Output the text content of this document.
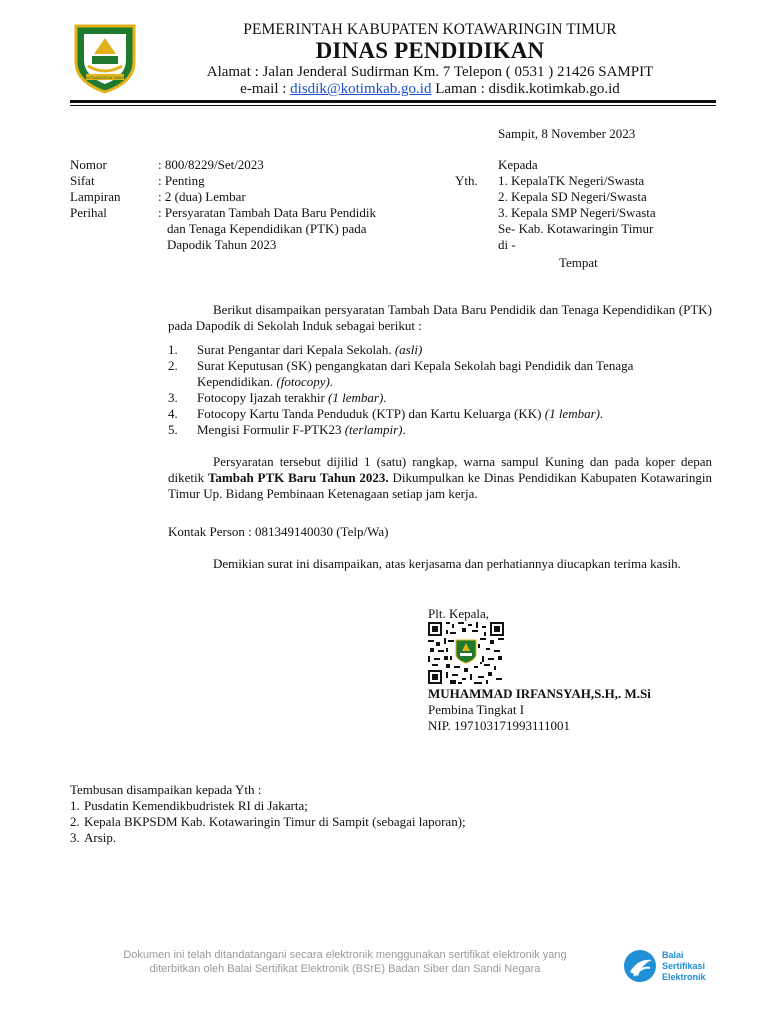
KOTAWARINGIN TIMUR
PEMERINTAH KABUPATEN KOTAWARINGIN TIMUR
DINAS PENDIDIKAN
Alamat : Jalan Jenderal Sudirman Km. 7 Telepon ( 0531 ) 21426 SAMPIT
e-mail : disdik@kotimkab.go.id Laman : disdik.kotimkab.go.id
Sampit, 8 November 2023
Nomor	: 800/8229/Set/2023
Sifat	: Penting
Lampiran	: 2 (dua) Lembar
Perihal	: Persyaratan Tambah Data Baru Pendidik
dan Tenaga Kependidikan (PTK) pada
Dapodik Tahun 2023
Kepada
Yth. 1. KepalaTK Negeri/Swasta
2. Kepala SD Negeri/Swasta
3. Kepala SMP Negeri/Swasta
Se- Kab. Kotawaringin Timur
di -
Tempat
Berikut disampaikan persyaratan Tambah Data Baru Pendidik dan Tenaga Kependidikan (PTK) pada Dapodik di Sekolah Induk sebagai berikut :
1. Surat Pengantar dari Kepala Sekolah. (asli)
2. Surat Keputusan (SK) pengangkatan dari Kepala Sekolah bagi Pendidik dan Tenaga Kependidikan. (fotocopy).
3. Fotocopy Ijazah terakhir (1 lembar).
4. Fotocopy Kartu Tanda Penduduk (KTP) dan Kartu Keluarga (KK) (1 lembar).
5. Mengisi Formulir F-PTK23 (terlampir).
Persyaratan tersebut dijilid 1 (satu) rangkap, warna sampul Kuning dan pada koper depan diketik Tambah PTK Baru Tahun 2023. Dikumpulkan ke Dinas Pendidikan Kabupaten Kotawaringin Timur Up. Bidang Pembinaan Ketenagaan setiap jam kerja.
Kontak Person : 081349140030 (Telp/Wa)
Demikian surat ini disampaikan, atas kerjasama dan perhatiannya diucapkan terima kasih.
Plt. Kepala,
MUHAMMAD IRFANSYAH,S.H,. M.Si
Pembina Tingkat I
NIP. 197103171993111001
Tembusan disampaikan kepada Yth :
1. Pusdatin Kemendikbudristek RI di Jakarta;
2. Kepala BKPSDM Kab. Kotawaringin Timur di Sampit (sebagai laporan);
3. Arsip.
Dokumen ini telah ditandatangani secara elektronik menggunakan sertifikat elektronik yang
diterbitkan oleh Balai Sertifikat Elektronik (BSrE) Badan Siber dan Sandi Negara
Balai
Sertifikasi
Elektronik
